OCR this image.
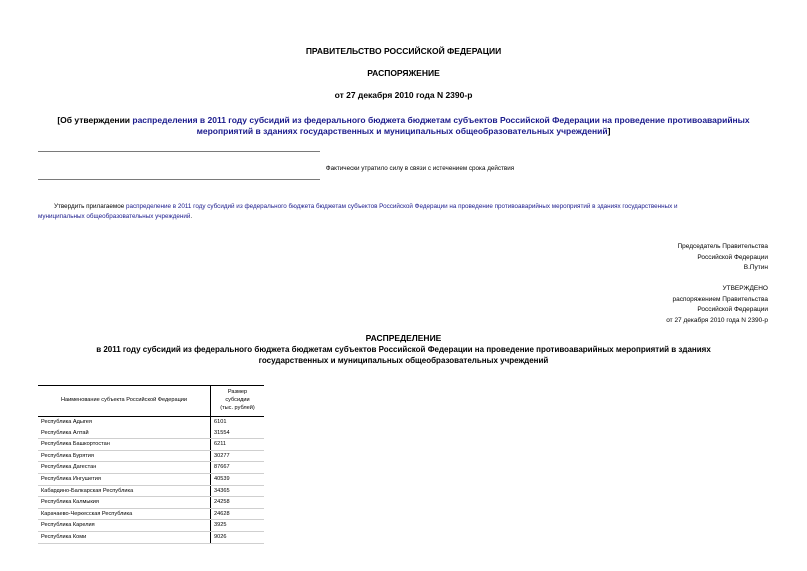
ПРАВИТЕЛЬСТВО РОССИЙСКОЙ ФЕДЕРАЦИИ
РАСПОРЯЖЕНИЕ
от 27 декабря 2010 года N 2390-р
[Об утверждении распределения в 2011 году субсидий из федерального бюджета бюджетам субъектов Российской Федерации на проведение противоаварийных
мероприятий в зданиях государственных и муниципальных общеобразовательных учреждений]
Фактически утратило силу в связи с истечением срока действия
Утвердить прилагаемое распределение в 2011 году субсидий из федерального бюджета бюджетам субъектов Российской Федерации на проведение противоаварийных мероприятий в зданиях государственных и
муниципальных общеобразовательных учреждений.
Председатель Правительства
Российской Федерации
В.Путин
УТВЕРЖДЕНО
распоряжением Правительства
Российской Федерации
от 27 декабря 2010 года N 2390-р
РАСПРЕДЕЛЕНИЕ
в 2011 году субсидий из федерального бюджета бюджетам субъектов Российской Федерации на проведение противоаварийных мероприятий в зданиях
государственных и муниципальных общеобразовательных учреждений
Наименование субъекта Российской Федерации	Размер
субсидии
(тыс. рублей)

Республика Адыгея	6101
Республика Алтай	31554
Республика Башкортостан	6211
Республика Бурятия	30277
Республика Дагестан	87667
Республика Ингушетия	40539
Кабардино-Балкарская Республика	34365
Республика Калмыкия	24258
Карачаево-Черкесская Республика	24628
Республика Карелия	3925
Республика Коми	9026
